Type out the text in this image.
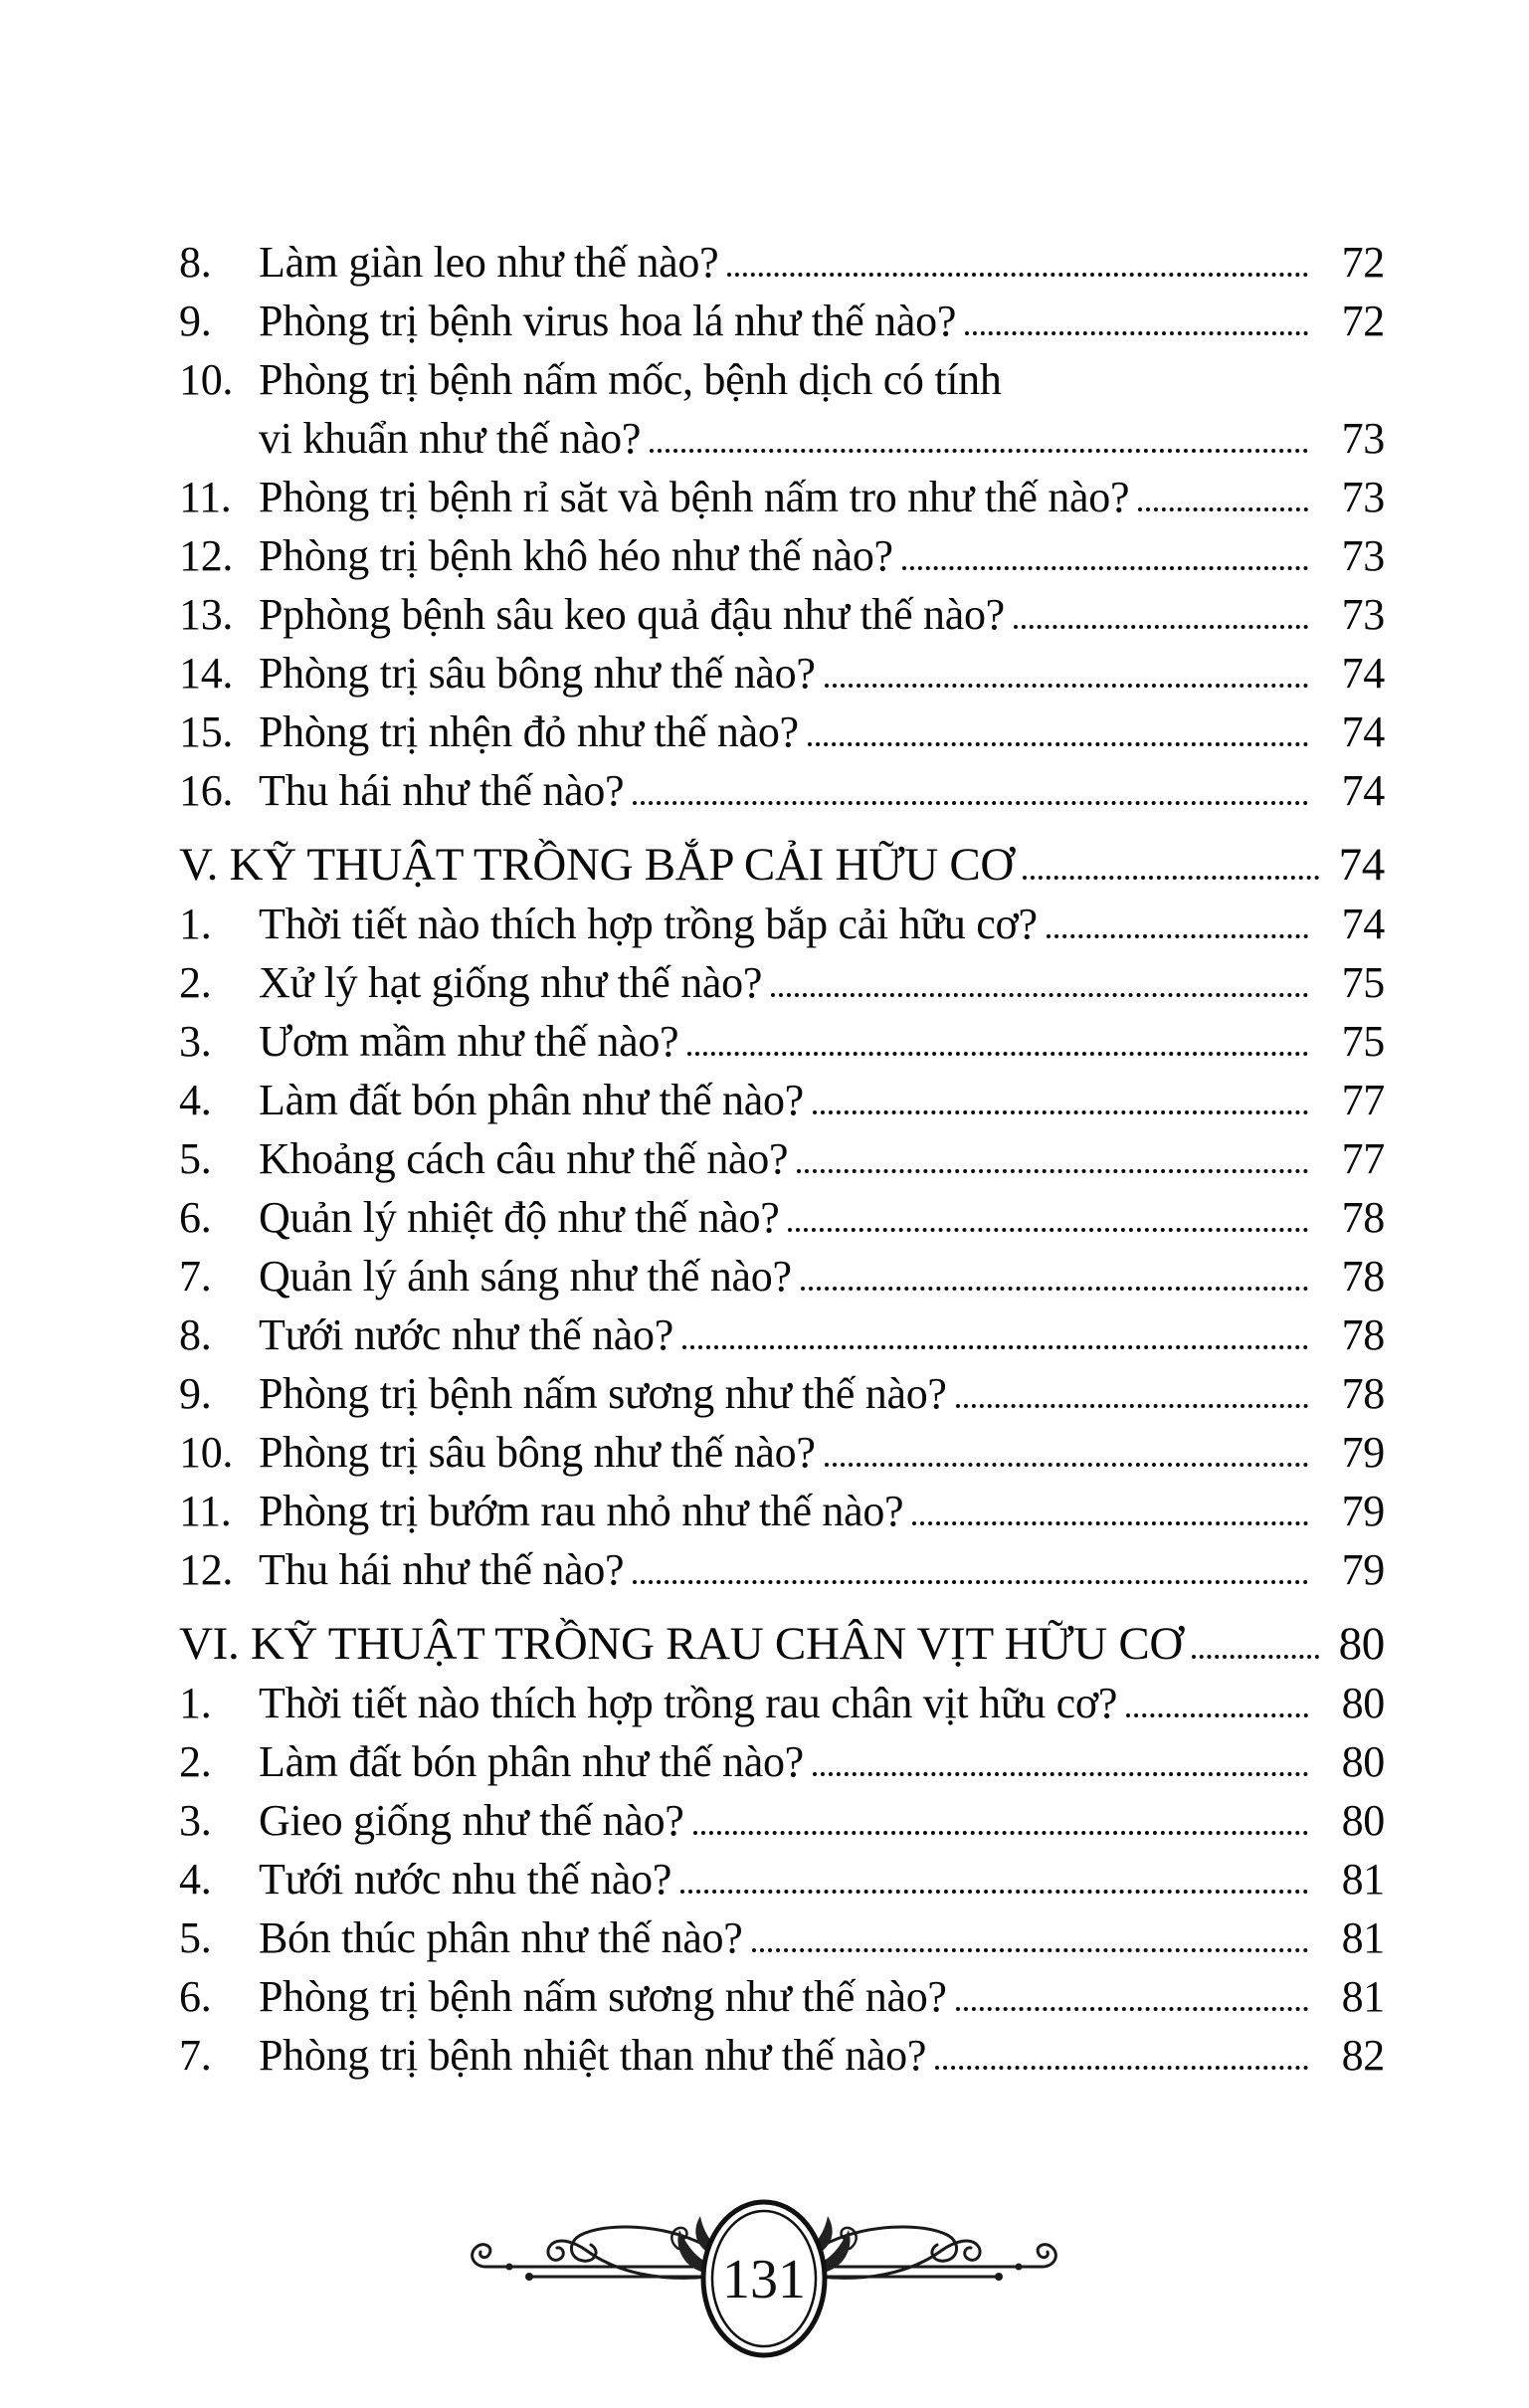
8.	Làm giàn leo như thế nào?	72
9.	Phòng trị bệnh virus hoa lá như thế nào?	72
10. Phòng trị bệnh nấm mốc, bệnh dịch có tính
vi khuẩn như thế nào?	73
11. Phòng trị bệnh rỉ săt và bệnh nấm tro như thế nào?	73
12. Phòng trị bệnh khô héo như thế nào?	73
13. Pphòng bệnh sâu keo quả đậu như thế nào?	73
14. Phòng trị sâu bông như thế nào?	74
15. Phòng trị nhện đỏ như thế nào?	74
16. Thu hái như thế nào?	74
V. KỸ THUẬT TRỒNG BẮP CẢI HỮU CƠ	74
1.	Thời tiết nào thích hợp trồng bắp cải hữu cơ?	74
2.	Xử lý hạt giống như thế nào?	75
3.	Ươm mầm như thế nào?	75
4.	Làm đất bón phân như thế nào?	77
5.	Khoảng cách câu như thế nào?	77
6.	Quản lý nhiệt độ như thế nào?	78
7.	Quản lý ánh sáng như thế nào?	78
8.	Tưới nước như thế nào?	78
9.	Phòng trị bệnh nấm sương như thế nào?	78
10. Phòng trị sâu bông như thế nào?	79
11. Phòng trị bướm rau nhỏ như thế nào?	79
12. Thu hái như thế nào?	79
VI. KỸ THUẬT TRỒNG RAU CHÂN VỊT HỮU CƠ	80
1.	Thời tiết nào thích hợp trồng rau chân vịt hữu cơ?	80
2.	Làm đất bón phân như thế nào?	80
3.	Gieo giống như thế nào?	80
4.	Tưới nước nhu thế nào?	81
5.	Bón thúc phân như thế nào?	81
6.	Phòng trị bệnh nấm sương như thế nào?	81
7.	Phòng trị bệnh nhiệt than như thế nào?	82
131
